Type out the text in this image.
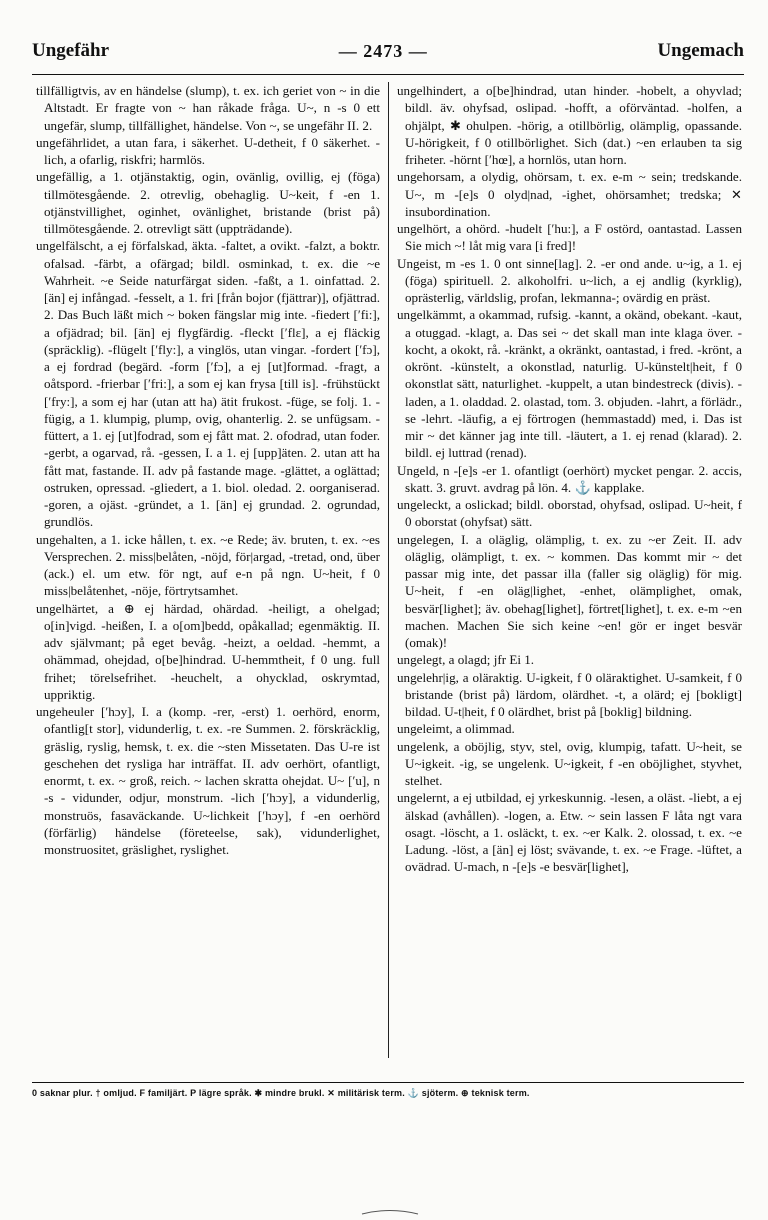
Ungefähr	— 2473 —	Ungemach

tillfälligtvis, av en händelse (slump), t. ex. ich geriet von ~ in die Altstadt. Er fragte von ~ han råkade fråga. U~, n -s 0 ett ungefär, slump, tillfällighet, händelse. Von ~, se ungefähr II. 2.

ungefährlidet, a utan fara, i säkerhet. U-detheit, f 0 säkerhet. -lich, a ofarlig, riskfri; harmlös.

ungefällig, a 1. otjänstaktig, ogin, ovänlig, ovillig, ej (föga) tillmötesgående. 2. otrevlig, obehaglig. U~keit, f -en 1. otjänstvillighet, oginhet, ovänlighet, bristande (brist på) tillmötesgående. 2. otrevligt sätt (uppträdande).

ungelfälscht, a ej förfalskad, äkta. -faltet, a ovikt. -falzt, a boktr. ofalsad. -färbt, a ofärgad; bildl. osminkad, t. ex. die ~e Wahrheit. ~e Seide naturfärgat siden. -faßt, a 1. oinfattad. 2. [än] ej infångad. -fesselt, a 1. fri [från bojor (fjättrar)], ofjättrad. 2. Das Buch läßt mich ~ boken fängslar mig inte. -fiedert [′fi:], a ofjädrad; bil. [än] ej flygfärdig. -fleckt [′flε], a ej fläckig (spräcklig). -flügelt [′fly:], a vinglös, utan vingar. -fordert [′fɔ], a ej fordrad (begärd. -form [′fɔ], a ej [ut]formad. -fragt, a oåtspord. -frierbar [′fri:], a som ej kan frysa [till is]. -frühstückt [′fry:], a som ej har (utan att ha) ätit frukost. -füge, se folj. 1. -fügig, a 1. klumpig, plump, ovig, ohanterlig. 2. se unfügsam. -füttert, a 1. ej [ut]fodrad, som ej fått mat. 2. ofodrad, utan foder. -gerbt, a ogarvad, rå. -gessen, I. a 1. ej [upp]äten. 2. utan att ha fått mat, fastande. II. adv på fastande mage. -glättet, a oglättad; ostruken, opressad. -gliedert, a 1. biol. oledad. 2. oorganiserad. -goren, a ojäst. -gründet, a 1. [än] ej grundad. 2. ogrundad, grundlös.

ungehalten, a 1. icke hållen, t. ex. ~e Rede; äv. bruten, t. ex. ~es Versprechen. 2. miss|belåten, -nöjd, för|argad, -tretad, ond, über (ack.) el. um etw. för ngt, auf e-n på ngn. U~heit, f 0 miss|belåtenhet, -nöje, förtrytsamhet.

ungelhärtet, a ⊕ ej härdad, ohärdad. -heiligt, a ohelgad; o[in]vigd. -heißen, I. a o[om]bedd, opåkallad; egenmäktig. II. adv självmant; på eget bevåg. -heizt, a oeldad. -hemmt, a ohämmad, ohejdad, o[be]hindrad. U-hemmtheit, f 0 ung. full frihet; törelsefrihet. -heuchelt, a ohycklad, oskrymtad, uppriktig.

ungeheuler [′hɔy], I. a (komp. -rer, -erst) 1. oerhörd, enorm, ofantlig[t stor], vidunderlig, t. ex. -re Summen. 2. förskräcklig, gräslig, ryslig, hemsk, t. ex. die ~sten Missetaten. Das U-re ist geschehen det rysliga har inträffat. II. adv oerhört, ofantligt, enormt, t. ex. ~ groß, reich. ~ lachen skratta ohejdat. U~ [′u], n -s - vidunder, odjur, monstrum. -lich [′hɔy], a vidunderlig, monstruös, fasaväckande. U~lichkeit [′hɔy], f -en oerhörd (förfärlig) händelse (företeelse, sak), vidunderlighet, monstruositet, gräslighet, ryslighet.

ungelhindert, a o[be]hindrad, utan hinder. -hobelt, a ohyvlad; bildl. äv. ohyfsad, oslipad. -hofft, a oförväntad. -holfen, a ohjälpt, ✱ ohulpen. -hörig, a otillbörlig, olämplig, opassande. U-hörigkeit, f 0 otillbörlighet. Sich (dat.) ~en erlauben ta sig friheter. -hörnt [′hœ], a hornlös, utan horn.

ungehorsam, a olydig, ohörsam, t. ex. e-m ~ sein; tredskande. U~, m -[e]s 0 olyd|nad, -ighet, ohörsamhet; tredska; ✕ insubordination.

ungelhört, a ohörd. -hudelt [′hu:], a F ostörd, oantastad. Lassen Sie mich ~! låt mig vara [i fred]!

Ungeist, m -es 1. 0 ont sinne[lag]. 2. -er ond ande. u~ig, a 1. ej (föga) spirituell. 2. alkoholfri. u~lich, a ej andlig (kyrklig), oprästerlig, världslig, profan, lekmanna-; ovärdig en präst.

ungelkämmt, a okammad, rufsig. -kannt, a okänd, obekant. -kaut, a otuggad. -klagt, a. Das sei ~ det skall man inte klaga över. -kocht, a okokt, rå. -kränkt, a okränkt, oantastad, i fred. -krönt, a okrönt. -künstelt, a okonstlad, naturlig. U-künstelt|heit, f 0 okonstlat sätt, naturlighet. -kuppelt, a utan bindestreck (divis). -laden, a 1. oladdad. 2. olastad, tom. 3. objuden. -lahrt, a förlädr., se -lehrt. -läufig, a ej förtrogen (hemmastadd) med, i. Das ist mir ~ det känner jag inte till. -läutert, a 1. ej renad (klarad). 2. bildl. ej luttrad (renad).

Ungeld, n -[e]s -er 1. ofantligt (oerhört) mycket pengar. 2. accis, skatt. 3. gruvt. avdrag på lön. 4. ⚓ kapplake.

ungeleckt, a oslickad; bildl. oborstad, ohyfsad, oslipad. U~heit, f 0 oborstat (ohyfsat) sätt.

ungelegen, I. a oläglig, olämplig, t. ex. zu ~er Zeit. II. adv oläglig, olämpligt, t. ex. ~ kommen. Das kommt mir ~ det passar mig inte, det passar illa (faller sig oläglig) för mig. U~heit, f -en oläg|lighet, -enhet, olämplighet, omak, besvär[lighet]; äv. obehag[lighet], förtret[lighet], t. ex. e-m ~en machen. Machen Sie sich keine ~en! gör er inget besvär (omak)!

ungelegt, a olagd; jfr Ei 1.

ungelehr|ig, a oläraktig. U-igkeit, f 0 oläraktighet. U-samkeit, f 0 bristande (brist på) lärdom, olärdhet. -t, a olärd; ej [bokligt] bildad. U-t|heit, f 0 olärdhet, brist på [boklig] bildning.

ungeleimt, a olimmad.

ungelenk, a oböjlig, styv, stel, ovig, klumpig, tafatt. U~heit, se U~igkeit. -ig, se ungelenk. U~igkeit, f -en oböjlighet, styvhet, stelhet.

ungelernt, a ej utbildad, ej yrkeskunnig. -lesen, a oläst. -liebt, a ej älskad (avhållen). -logen, a. Etw. ~ sein lassen F låta ngt vara osagt. -löscht, a 1. osläckt, t. ex. ~er Kalk. 2. olossad, t. ex. ~e Ladung. -löst, a [än] ej löst; svävande, t. ex. ~e Frage. -lüftet, a ovädrad. U-mach, n -[e]s -e besvär[lighet],

0 saknar plur. † omljud. F familjärt. P lägre språk. ✱ mindre brukl. ✕ militärisk term. ⚓ sjöterm. ⊕ teknisk term.
